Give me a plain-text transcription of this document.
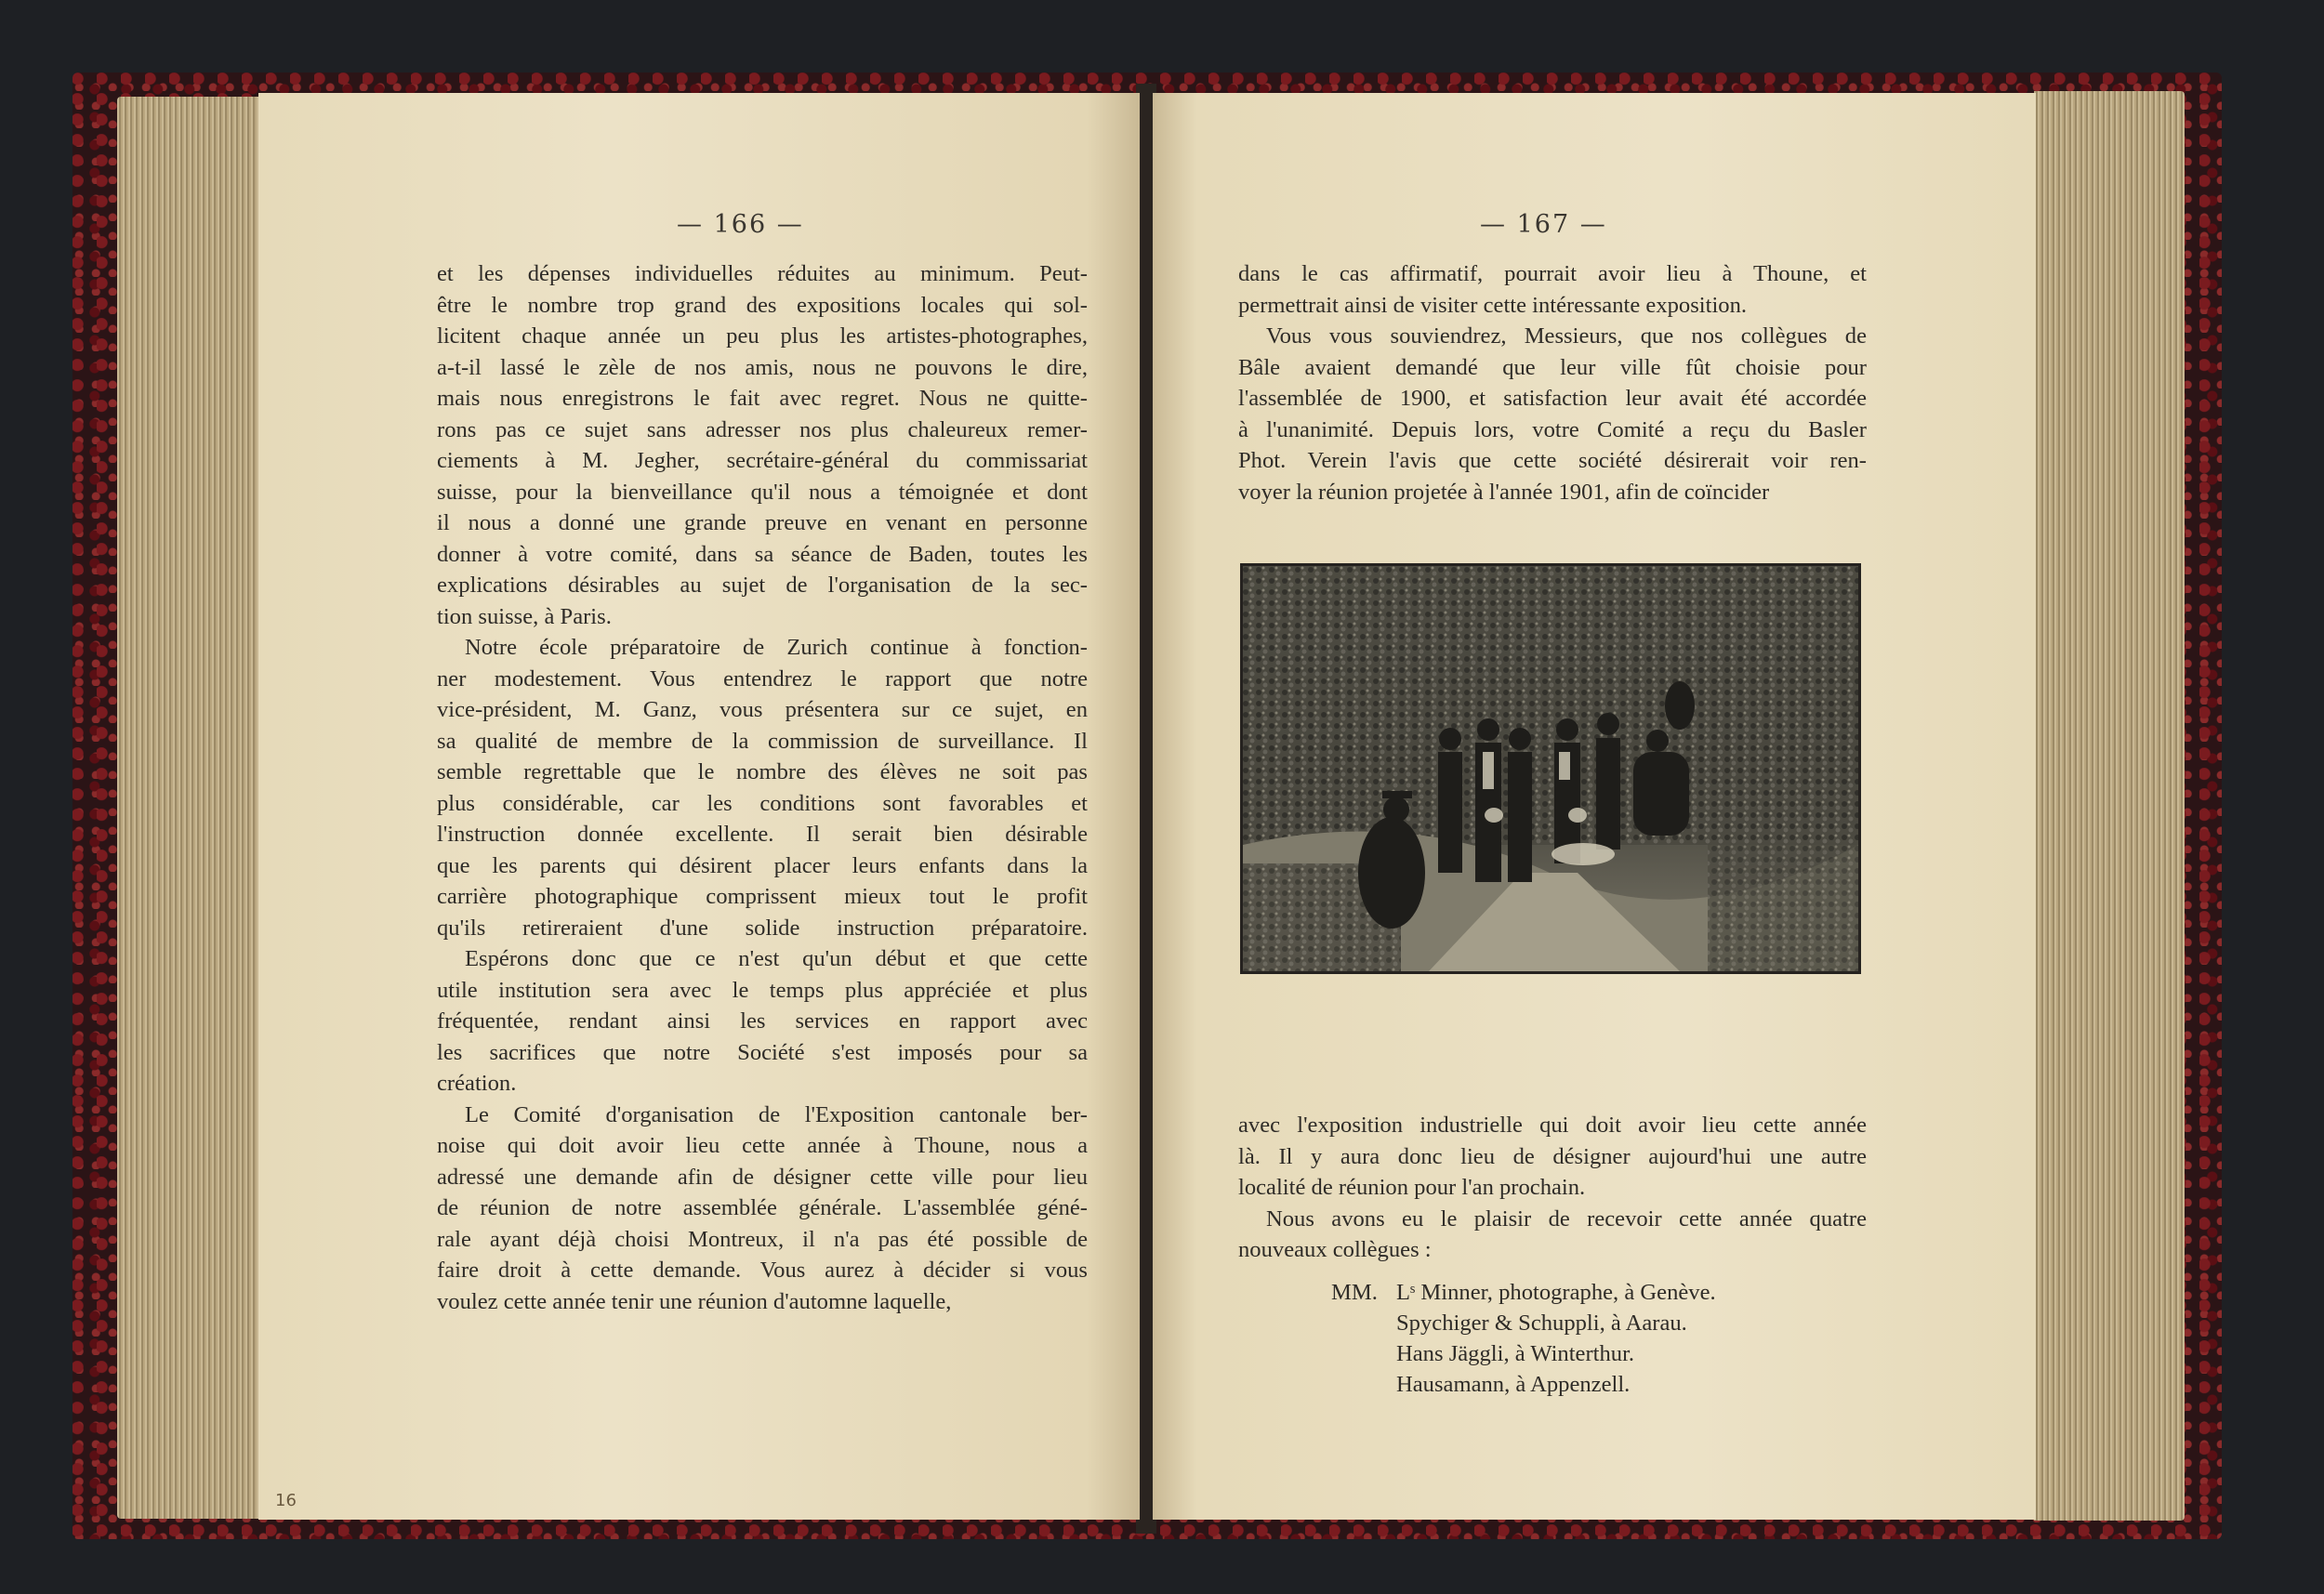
— 166 —
et les dépenses individuelles réduites au minimum. Peut-
être le nombre trop grand des expositions locales qui sol-
licitent chaque année un peu plus les artistes-photographes,
a-t-il lassé le zèle de nos amis, nous ne pouvons le dire,
mais nous enregistrons le fait avec regret. Nous ne quitte-
rons pas ce sujet sans adresser nos plus chaleureux remer-
ciements à M. Jegher, secrétaire-général du commissariat
suisse, pour la bienveillance qu'il nous a témoignée et dont
il nous a donné une grande preuve en venant en personne
donner à votre comité, dans sa séance de Baden, toutes les
explications désirables au sujet de l'organisation de la sec-
tion suisse, à Paris.
Notre école préparatoire de Zurich continue à fonction-
ner modestement. Vous entendrez le rapport que notre
vice-président, M. Ganz, vous présentera sur ce sujet, en
sa qualité de membre de la commission de surveillance. Il
semble regrettable que le nombre des élèves ne soit pas
plus considérable, car les conditions sont favorables et
l'instruction donnée excellente. Il serait bien désirable
que les parents qui désirent placer leurs enfants dans la
carrière photographique comprissent mieux tout le profit
qu'ils retireraient d'une solide instruction préparatoire.
Espérons donc que ce n'est qu'un début et que cette
utile institution sera avec le temps plus appréciée et plus
fréquentée, rendant ainsi les services en rapport avec
les sacrifices que notre Société s'est imposés pour sa
création.
Le Comité d'organisation de l'Exposition cantonale ber-
noise qui doit avoir lieu cette année à Thoune, nous a
adressé une demande afin de désigner cette ville pour lieu
de réunion de notre assemblée générale. L'assemblée géné-
rale ayant déjà choisi Montreux, il n'a pas été possible de
faire droit à cette demande. Vous aurez à décider si vous
voulez cette année tenir une réunion d'automne laquelle,
— 167 —
dans le cas affirmatif, pourrait avoir lieu à Thoune, et
permettrait ainsi de visiter cette intéressante exposition.
Vous vous souviendrez, Messieurs, que nos collègues de
Bâle avaient demandé que leur ville fût choisie pour
l'assemblée de 1900, et satisfaction leur avait été accordée
à l'unanimité. Depuis lors, votre Comité a reçu du Basler
Phot. Verein l'avis que cette société désirerait voir ren-
voyer la réunion projetée à l'année 1901, afin de coïncider
avec l'exposition industrielle qui doit avoir lieu cette année
là. Il y aura donc lieu de désigner aujourd'hui une autre
localité de réunion pour l'an prochain.
Nous avons eu le plaisir de recevoir cette année quatre
nouveaux collègues :
MM. Lˢ Minner, photographe, à Genève.
Spychiger & Schuppli, à Aarau.
Hans Jäggli, à Winterthur.
Hausamann, à Appenzell.
16
